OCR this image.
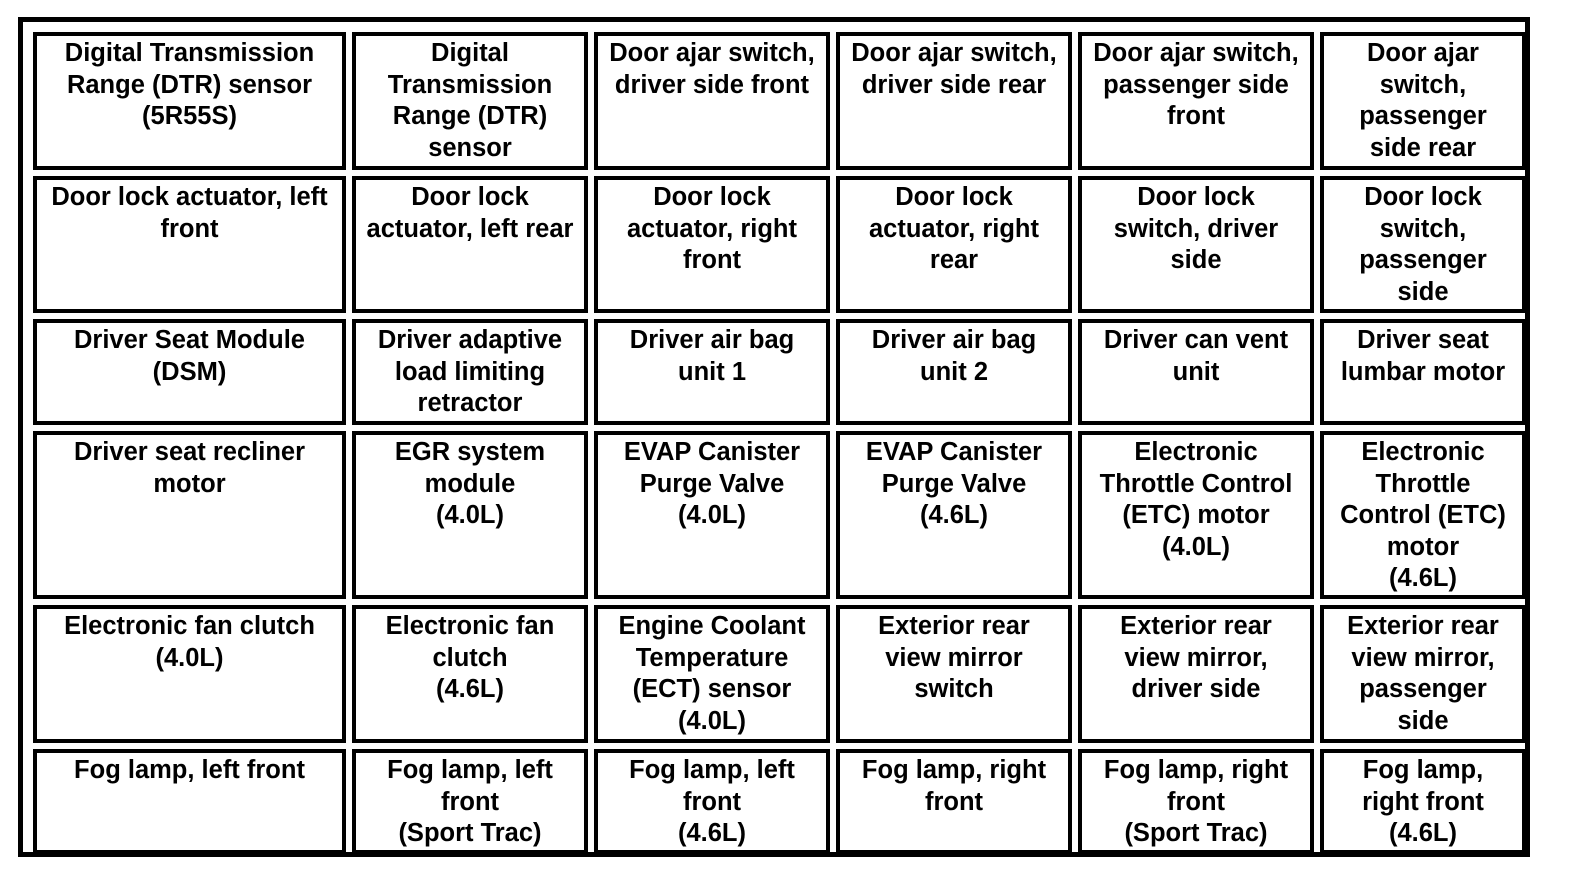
Digital Transmission
Range (DTR) sensor
(5R55S)	Digital
Transmission
Range (DTR)
sensor	Door ajar switch,
driver side front	Door ajar switch,
driver side rear	Door ajar switch,
passenger side
front	Door ajar
switch,
passenger
side rear
Door lock actuator, left
front	Door lock
actuator, left rear	Door lock
actuator, right
front	Door lock
actuator, right
rear	Door lock
switch, driver
side	Door lock
switch,
passenger
side
Driver Seat Module
(DSM)	Driver adaptive
load limiting
retractor	Driver air bag
unit 1	Driver air bag
unit 2	Driver can vent
unit	Driver seat
lumbar motor
Driver seat recliner
motor	EGR system
module
(4.0L)	EVAP Canister
Purge Valve
(4.0L)	EVAP Canister
Purge Valve
(4.6L)	Electronic
Throttle Control
(ETC) motor
(4.0L)	Electronic
Throttle
Control (ETC)
motor
(4.6L)
Electronic fan clutch
(4.0L)	Electronic fan
clutch
(4.6L)	Engine Coolant
Temperature
(ECT) sensor
(4.0L)	Exterior rear
view mirror
switch	Exterior rear
view mirror,
driver side	Exterior rear
view mirror,
passenger
side
Fog lamp, left front	Fog lamp, left
front
(Sport Trac)	Fog lamp, left
front
(4.6L)	Fog lamp, right
front	Fog lamp, right
front
(Sport Trac)	Fog lamp,
right front
(4.6L)
